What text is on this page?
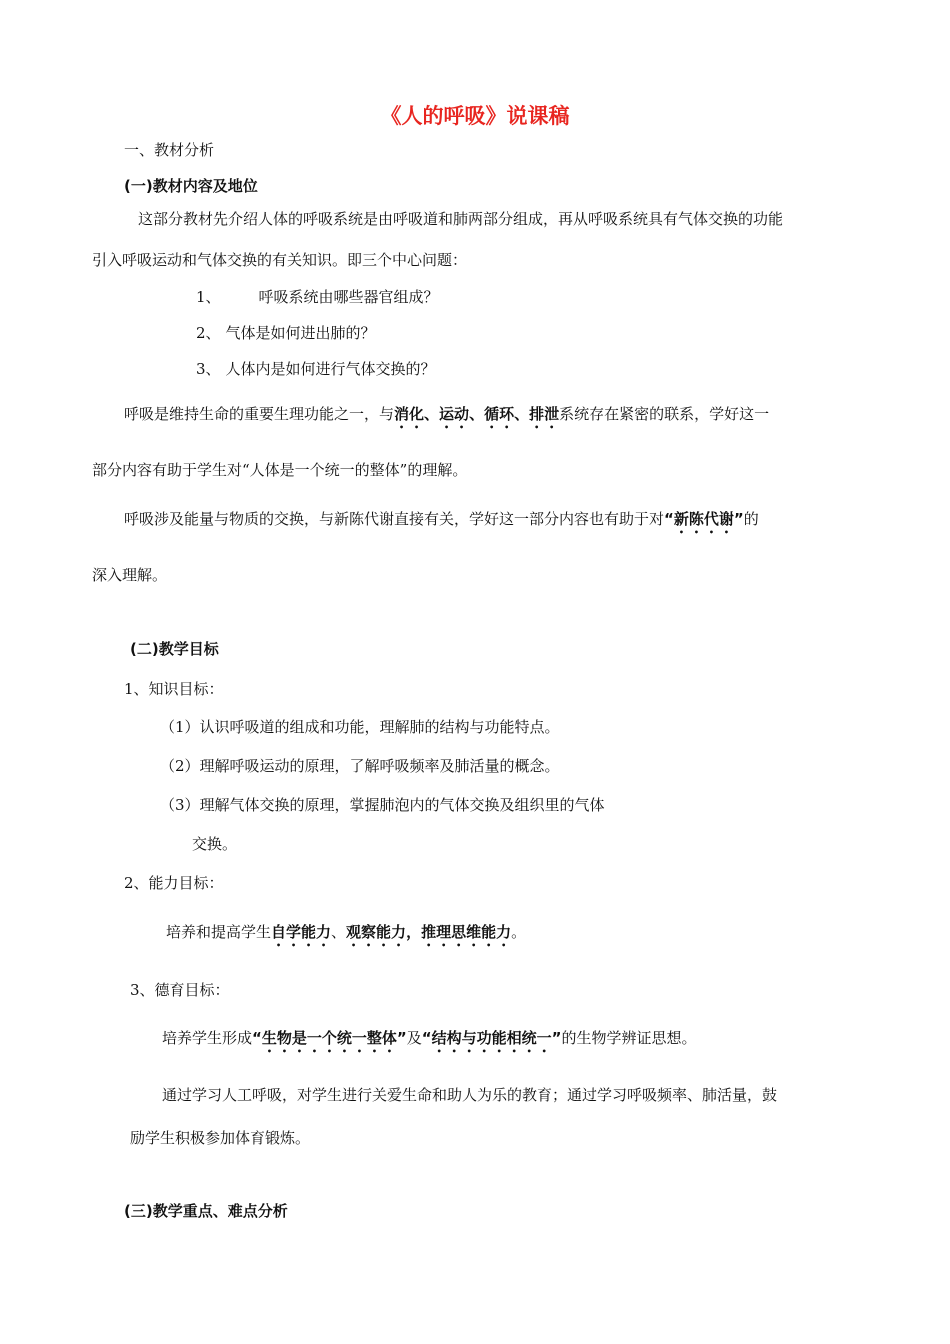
《人的呼吸》说课稿
一、教材分析
(一)教材内容及地位
这部分教材先介绍人体的呼吸系统是由呼吸道和肺两部分组成，再从呼吸系统具有气体交换的功能
引入呼吸运动和气体交换的有关知识。即三个中心问题：
1、	呼吸系统由哪些器官组成？
2、 气体是如何进出肺的？
3、 人体内是如何进行气体交换的？
呼吸是维持生命的重要生理功能之一，与消化、运动、循环、排泄系统存在紧密的联系，学好这一
部分内容有助于学生对“人体是一个统一的整体”的理解。
呼吸涉及能量与物质的交换，与新陈代谢直接有关，学好这一部分内容也有助于对“新陈代谢”的
深入理解。
(二)教学目标
1、知识目标：
（1）认识呼吸道的组成和功能，理解肺的结构与功能特点。
（2）理解呼吸运动的原理，了解呼吸频率及肺活量的概念。
（3）理解气体交换的原理，掌握肺泡内的气体交换及组织里的气体
交换。
2、能力目标：
培养和提高学生自学能力、观察能力，推理思维能力。
3、德育目标：
培养学生形成“生物是一个统一整体”及“结构与功能相统一”的生物学辨证思想。
通过学习人工呼吸，对学生进行关爱生命和助人为乐的教育；通过学习呼吸频率、肺活量，鼓
励学生积极参加体育锻炼。
(三)教学重点、难点分析
